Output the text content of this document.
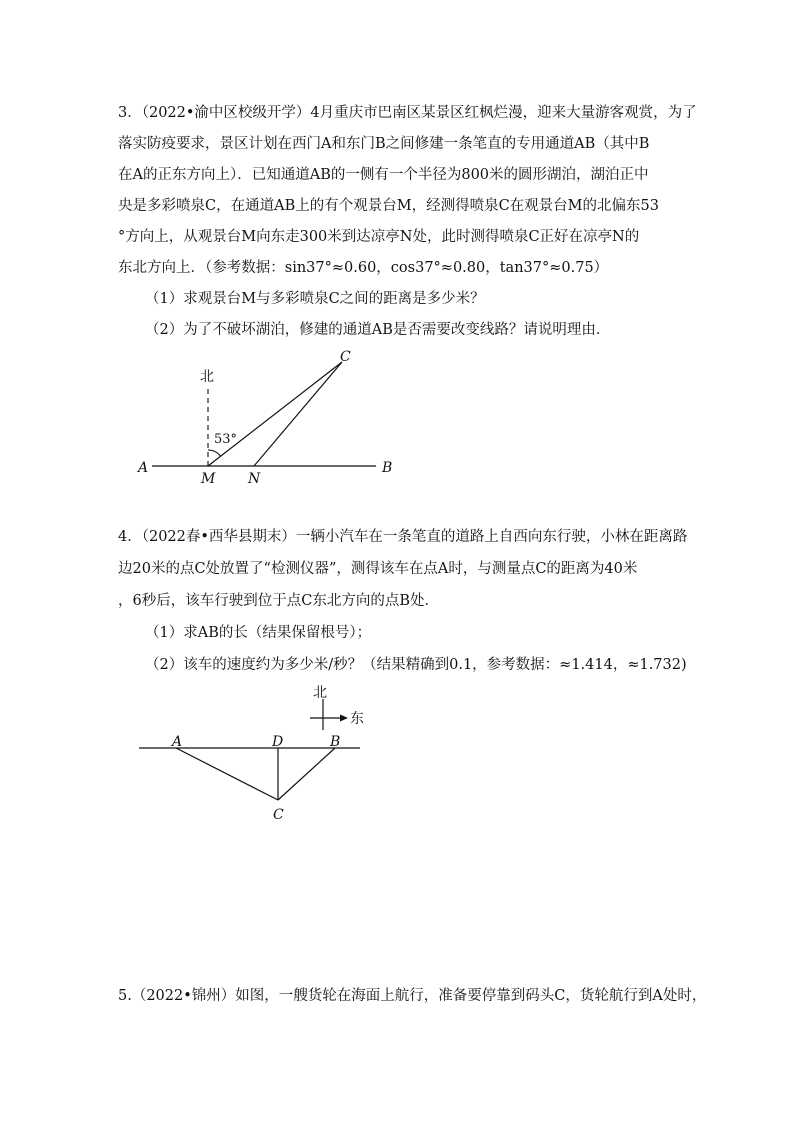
3．（2022•渝中区校级开学）4月重庆市巴南区某景区红枫烂漫，迎来大量游客观赏，为了
落实防疫要求，景区计划在西门A和东门B之间修建一条笔直的专用通道AB（其中B
在A的正东方向上）．已知通道AB的一侧有一个半径为800米的圆形湖泊，湖泊正中
央是多彩喷泉C，在通道AB上的有个观景台M，经测得喷泉C在观景台M的北偏东53
°方向上，从观景台M向东走300米到达凉亭N处，此时测得喷泉C正好在凉亭N的
东北方向上．（参考数据：sin37°≈0.60，cos37°≈0.80，tan37°≈0.75）
（1）求观景台M与多彩喷泉C之间的距离是多少米？
（2）为了不破坏湖泊，修建的通道AB是否需要改变线路？请说明理由．
北
53°
A	B
M N
C
4．（2022春•西华县期末）一辆小汽车在一条笔直的道路上自西向东行驶，小林在距离路
边20米的点C处放置了“检测仪器”，测得该车在点A时，与测量点C的距离为40米
，6秒后，该车行驶到位于点C东北方向的点B处．
（1）求AB的长（结果保留根号）；
（2）该车的速度约为多少米/秒？（结果精确到0.1，参考数据：≈1.414，≈1.732)
北
东
A	D	B
C
5.（2022•锦州）如图，一艘货轮在海面上航行，准备要停靠到码头C，货轮航行到A处时，
